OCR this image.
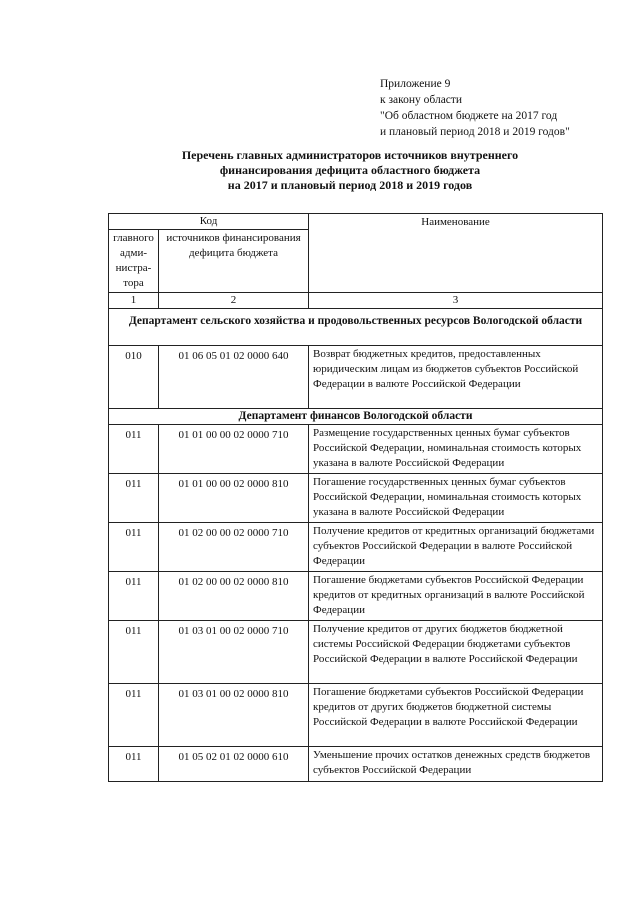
Приложение 9
к закону области
"Об областном бюджете на 2017 год
и плановый период 2018 и 2019 годов"
Перечень главных администраторов источников внутреннего
финансирования дефицита областного бюджета
на 2017 и плановый период 2018 и 2019 годов
Код		Наименование
главного адми-нистра-тора	источников финансирования дефицита бюджета	
1	2	3
Департамент сельского хозяйства и продовольственных ресурсов Вологодской области		
010	01 06 05 01 02 0000 640	Возврат бюджетных кредитов, предоставленных юридическим лицам из бюджетов субъектов Российской Федерации в валюте Российской Федерации
Департамент финансов Вологодской области		
011	01 01 00 00 02 0000 710	Размещение государственных ценных бумаг субъектов Российской Федерации, номинальная стоимость которых указана в валюте Российской Федерации
011	01 01 00 00 02 0000 810	Погашение государственных ценных бумаг субъектов Российской Федерации, номинальная стоимость которых указана в валюте Российской Федерации
011	01 02 00 00 02 0000 710	Получение кредитов от кредитных организаций бюджетами субъектов Российской Федерации в валюте Российской Федерации
011	01 02 00 00 02 0000 810	Погашение бюджетами субъектов Российской Федерации кредитов от кредитных организаций в валюте Российской Федерации
011	01 03 01 00 02 0000 710	Получение кредитов от других бюджетов бюджетной системы Российской Федерации бюджетами субъектов Российской Федерации в валюте Российской Федерации
011	01 03 01 00 02 0000 810	Погашение бюджетами субъектов Российской Федерации кредитов от других бюджетов бюджетной системы Российской Федерации в валюте Российской Федерации
011	01 05 02 01 02 0000 610	Уменьшение прочих остатков денежных средств бюджетов субъектов Российской Федерации
